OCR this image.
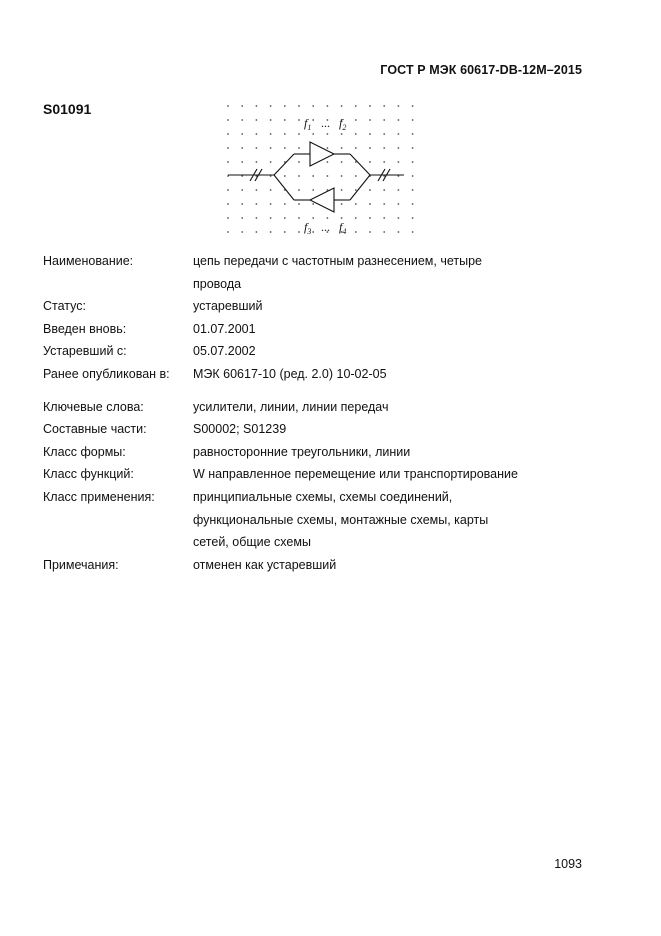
ГОСТ Р МЭК 60617-DB-12M–2015
S01091
$f_1$ ... $f_2$
$f_3$ ... $f_4$
Наименование:	цепь передачи с частотным разнесением, четыре
провода
Статус:	устаревший
Введен вновь:	01.07.2001
Устаревший с:	05.07.2002
Ранее опубликован в:	МЭК 60617-10 (ред. 2.0) 10-02-05
Ключевые слова:	усилители, линии, линии передач
Составные части:	S00002; S01239
Класс формы:	равносторонние треугольники, линии
Класс функций:	W направленное перемещение или транспортирование
Класс применения:	принципиальные схемы, схемы соединений,
функциональные схемы, монтажные схемы, карты
сетей, общие схемы
Примечания:	отменен как устаревший
1093
